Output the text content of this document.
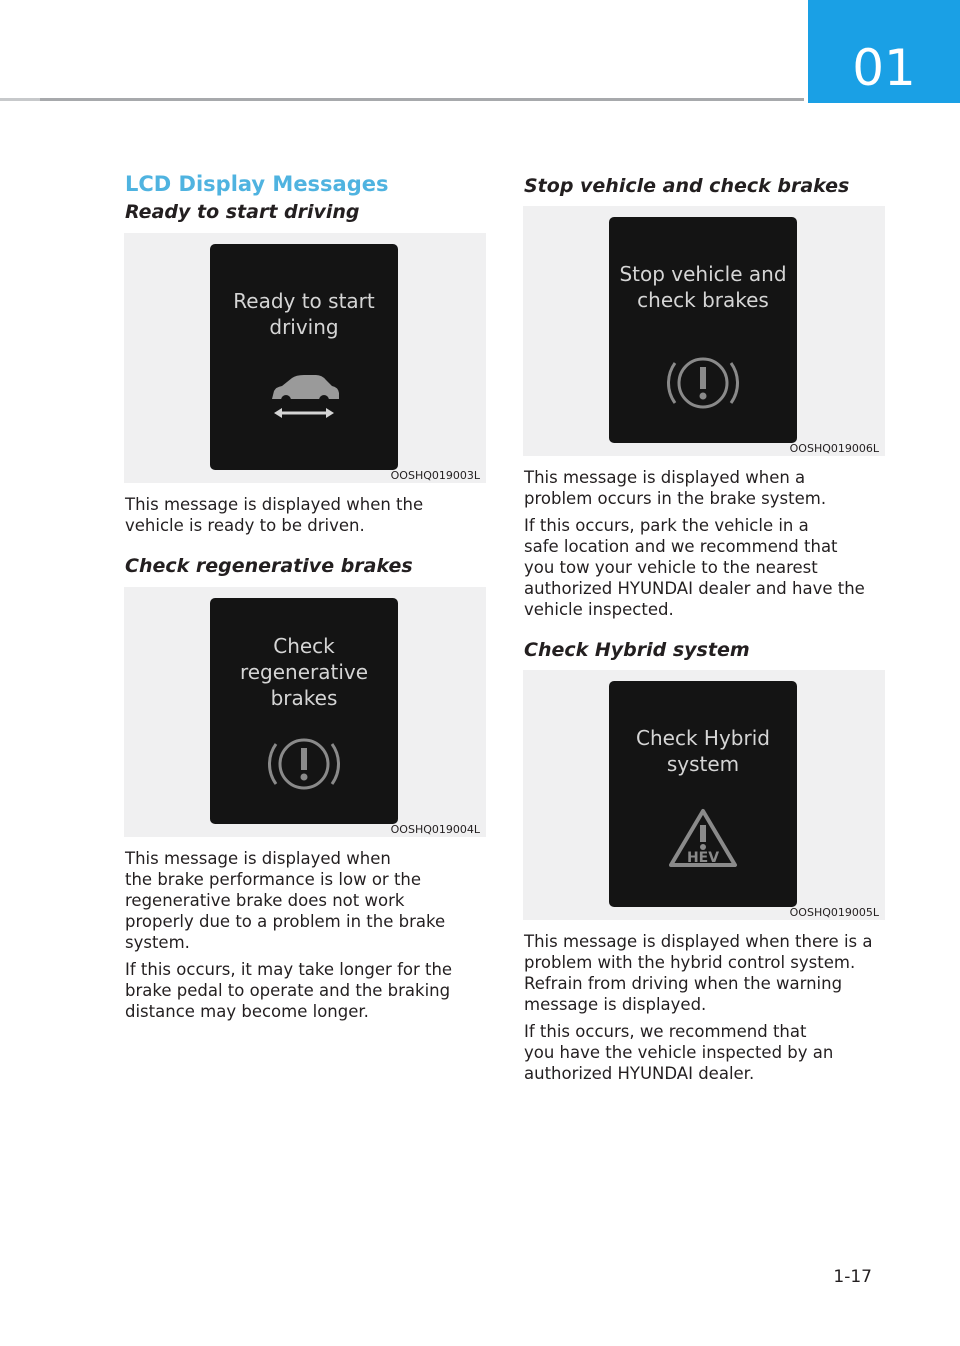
01
LCD Display Messages
Ready to start driving
Ready to start
driving
OOSHQ019003L
This message is displayed when the
vehicle is ready to be driven.
Check regenerative brakes
Check
regenerative
brakes
OOSHQ019004L
This message is displayed when
the brake performance is low or the
regenerative brake does not work
properly due to a problem in the brake
system.
If this occurs, it may take longer for the
brake pedal to operate and the braking
distance may become longer.
Stop vehicle and check brakes
Stop vehicle and
check brakes
OOSHQ019006L
This message is displayed when a
problem occurs in the brake system.
If this occurs, park the vehicle in a
safe location and we recommend that
you tow your vehicle to the nearest
authorized HYUNDAI dealer and have the
vehicle inspected.
Check Hybrid system
Check Hybrid
system
HEV
OOSHQ019005L
This message is displayed when there is a
problem with the hybrid control system.
Refrain from driving when the warning
message is displayed.
If this occurs, we recommend that
you have the vehicle inspected by an
authorized HYUNDAI dealer.
1-17
